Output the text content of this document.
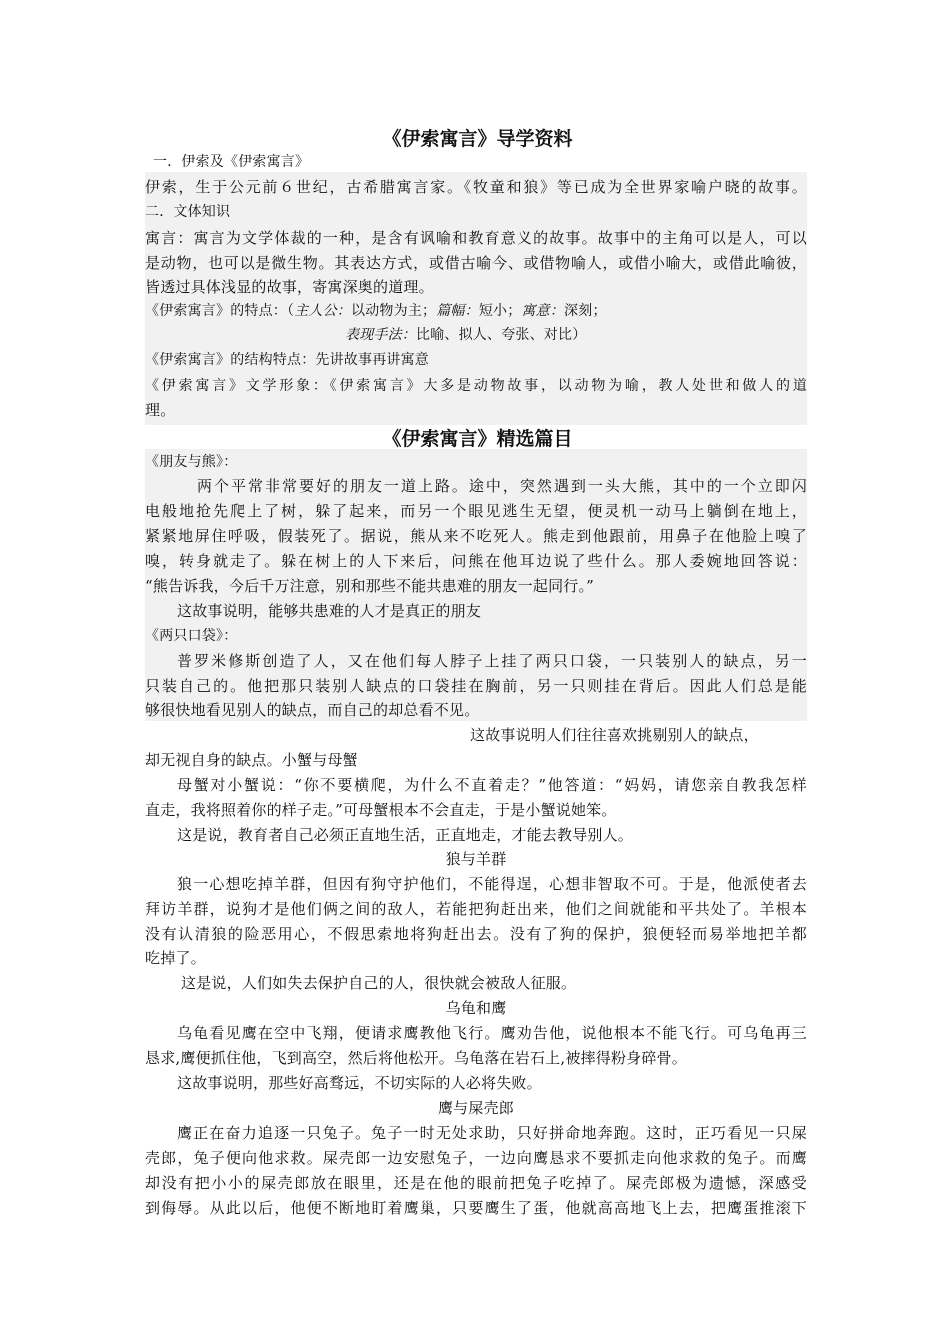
《伊索寓言》导学资料
一．伊索及《伊索寓言》
伊索，生于公元前６世纪，古希腊寓言家。《牧童和狼》等已成为全世界家喻户晓的故事。
二．文体知识
寓言：寓言为文学体裁的一种，是含有讽喻和教育意义的故事。故事中的主角可以是人，可以
是动物，也可以是微生物。其表达方式，或借古喻今、或借物喻人，或借小喻大，或借此喻彼，
皆透过具体浅显的故事，寄寓深奥的道理。
《伊索寓言》的特点：（主人公：以动物为主；篇幅：短小；寓意：深刻；
表现手法：比喻、拟人、夸张、对比）
《伊索寓言》的结构特点：先讲故事再讲寓意
《伊索寓言》文学形象：《伊索寓言》大多是动物故事，以动物为喻，教人处世和做人的道
理。
《伊索寓言》精选篇目
《朋友与熊》：
两个平常非常要好的朋友一道上路。途中，突然遇到一头大熊，其中的一个立即闪
电般地抢先爬上了树，躲了起来，而另一个眼见逃生无望，便灵机一动马上躺倒在地上，
紧紧地屏住呼吸，假装死了。据说，熊从来不吃死人。熊走到他跟前，用鼻子在他脸上嗅了
嗅，转身就走了。躲在树上的人下来后，问熊在他耳边说了些什么。那人委婉地回答说：
“熊告诉我，今后千万注意，别和那些不能共患难的朋友一起同行。”
这故事说明，能够共患难的人才是真正的朋友
《两只口袋》：
普罗米修斯创造了人，又在他们每人脖子上挂了两只口袋，一只装别人的缺点，另一
只装自己的。他把那只装别人缺点的口袋挂在胸前，另一只则挂在背后。因此人们总是能
够很快地看见别人的缺点，而自己的却总看不见。
这故事说明人们往往喜欢挑剔别人的缺点，
却无视自身的缺点。小蟹与母蟹
母蟹对小蟹说：“你不要横爬，为什么不直着走？”他答道：“妈妈，请您亲自教我怎样
直走，我将照着你的样子走。”可母蟹根本不会直走，于是小蟹说她笨。
这是说，教育者自己必须正直地生活，正直地走，才能去教导别人。
狼与羊群
狼一心想吃掉羊群，但因有狗守护他们，不能得逞，心想非智取不可。于是，他派使者去
拜访羊群，说狗才是他们俩之间的敌人，若能把狗赶出来，他们之间就能和平共处了。羊根本
没有认清狼的险恶用心，不假思索地将狗赶出去。没有了狗的保护，狼便轻而易举地把羊都
吃掉了。
这是说，人们如失去保护自己的人，很快就会被敌人征服。
乌龟和鹰
乌龟看见鹰在空中飞翔，便请求鹰教他飞行。鹰劝告他，说他根本不能飞行。可乌龟再三
恳求,鹰便抓住他，飞到高空，然后将他松开。乌龟落在岩石上,被摔得粉身碎骨。
这故事说明，那些好高骛远，不切实际的人必将失败。
鹰与屎壳郎
鹰正在奋力追逐一只兔子。兔子一时无处求助，只好拼命地奔跑。这时，正巧看见一只屎
壳郎，兔子便向他求救。屎壳郎一边安慰兔子，一边向鹰恳求不要抓走向他求救的兔子。而鹰
却没有把小小的屎壳郎放在眼里，还是在他的眼前把兔子吃掉了。屎壳郎极为遗憾，深感受
到侮辱。从此以后，他便不断地盯着鹰巢，只要鹰生了蛋，他就高高地飞上去，把鹰蛋推滚下
